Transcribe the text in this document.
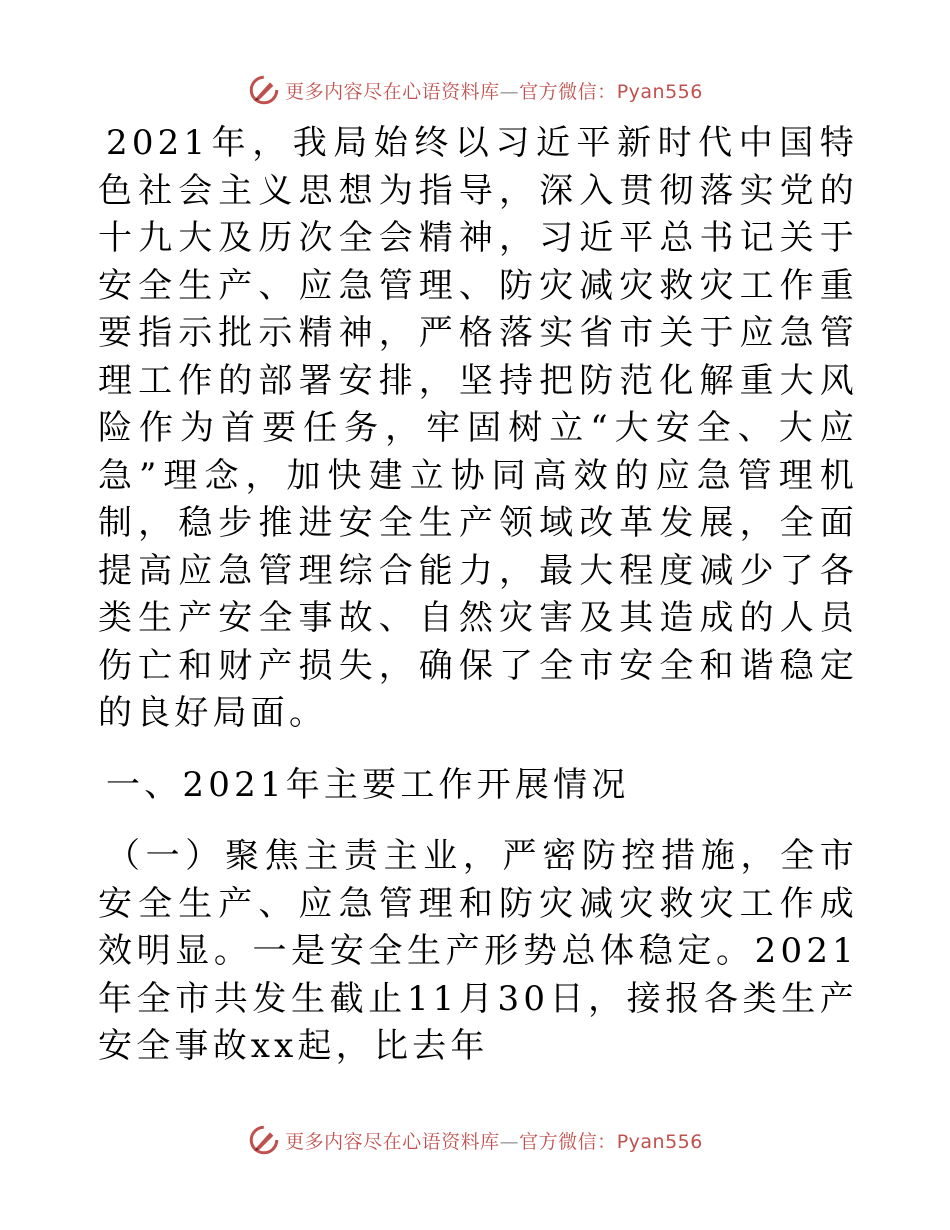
更多内容尽在心语资料库—官方微信：Pyan556

2021年，我局始终以习近平新时代中国特色社会主义思想为指导，深入贯彻落实党的十九大及历次全会精神，习近平总书记关于安全生产、应急管理、防灾减灾救灾工作重要指示批示精神，严格落实省市关于应急管理工作的部署安排，坚持把防范化解重大风险作为首要任务，牢固树立“大安全、大应急”理念，加快建立协同高效的应急管理机制，稳步推进安全生产领域改革发展，全面提高应急管理综合能力，最大程度减少了各类生产安全事故、自然灾害及其造成的人员伤亡和财产损失，确保了全市安全和谐稳定的良好局面。

一、2021年主要工作开展情况

（一）聚焦主责主业，严密防控措施，全市安全生产、应急管理和防灾减灾救灾工作成效明显。一是安全生产形势总体稳定。2021年全市共发生截止11月30日，接报各类生产安全事故xx起，比去年

更多内容尽在心语资料库—官方微信：Pyan556
